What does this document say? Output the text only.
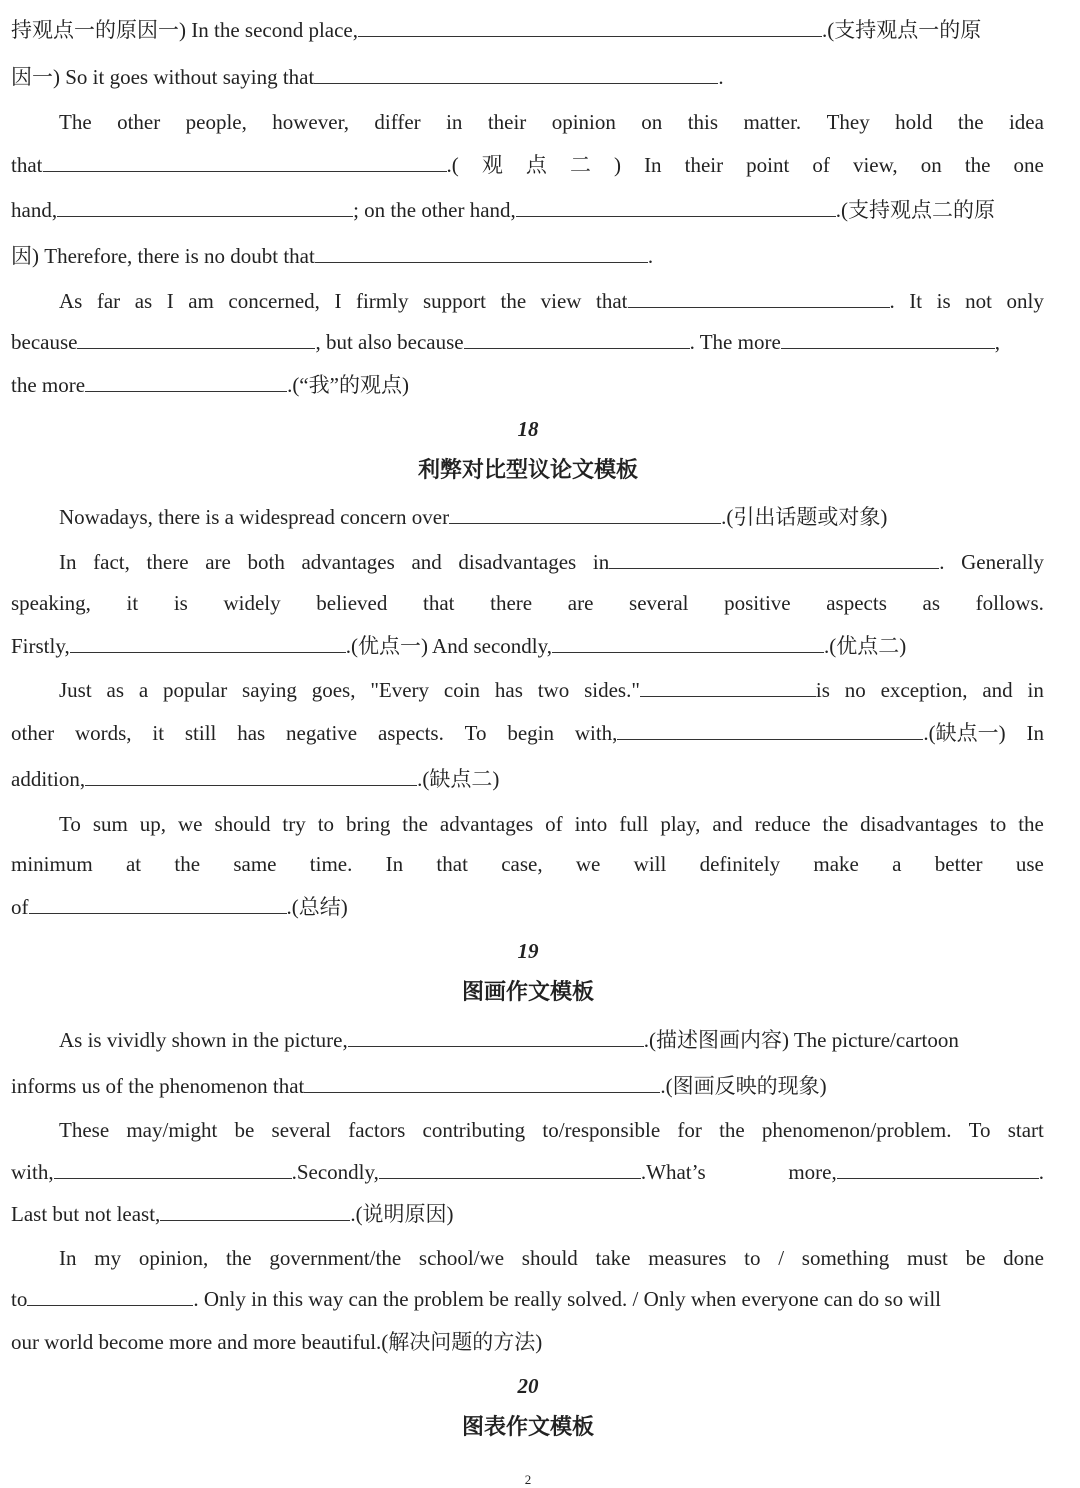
持观点一的原因一) In the second place,	.(支持观点一的原
因一) So it goes without saying that	.
The other people, however, differ in their opinion on this matter. They hold the idea
that	.( 观 点 二 ) In their point of view, on the one
hand,	; on the other hand,	.(支持观点二的原
因) Therefore, there is no doubt that	.
As far as I am concerned, I firmly support the view that	. It is not only
because	, but also because	. The more	,
the more	.(“我”的观点)
18
利弊对比型议论文模板
Nowadays, there is a widespread concern over	.(引出话题或对象)
In fact, there are both advantages and disadvantages in	. Generally
speaking, it is widely believed that there are several positive aspects as follows.
Firstly,	.(优点一) And secondly,	.(优点二)
Just as a popular saying goes, "Every coin has two sides."	is no exception, and in
other words, it still has negative aspects. To begin with,	.(缺点一) In
addition,	.(缺点二)
To sum up, we should try to bring the advantages of into full play, and reduce the disadvantages to the
minimum at the same time. In that case, we will definitely make a better use
of	.(总结)
19
图画作文模板
As is vividly shown in the picture,	.(描述图画内容) The picture/cartoon
informs us of the phenomenon that	.(图画反映的现象)
These may/might be several factors contributing to/responsible for the phenomenon/problem. To start
with,	.Secondly,	.What’s	more,	.
Last but not least,	.(说明原因)
In my opinion, the government/the school/we should take measures to / something must be done
to	. Only in this way can the problem be really solved. / Only when everyone can do so will
our world become more and more beautiful.(解决问题的方法)
20
图表作文模板
2
